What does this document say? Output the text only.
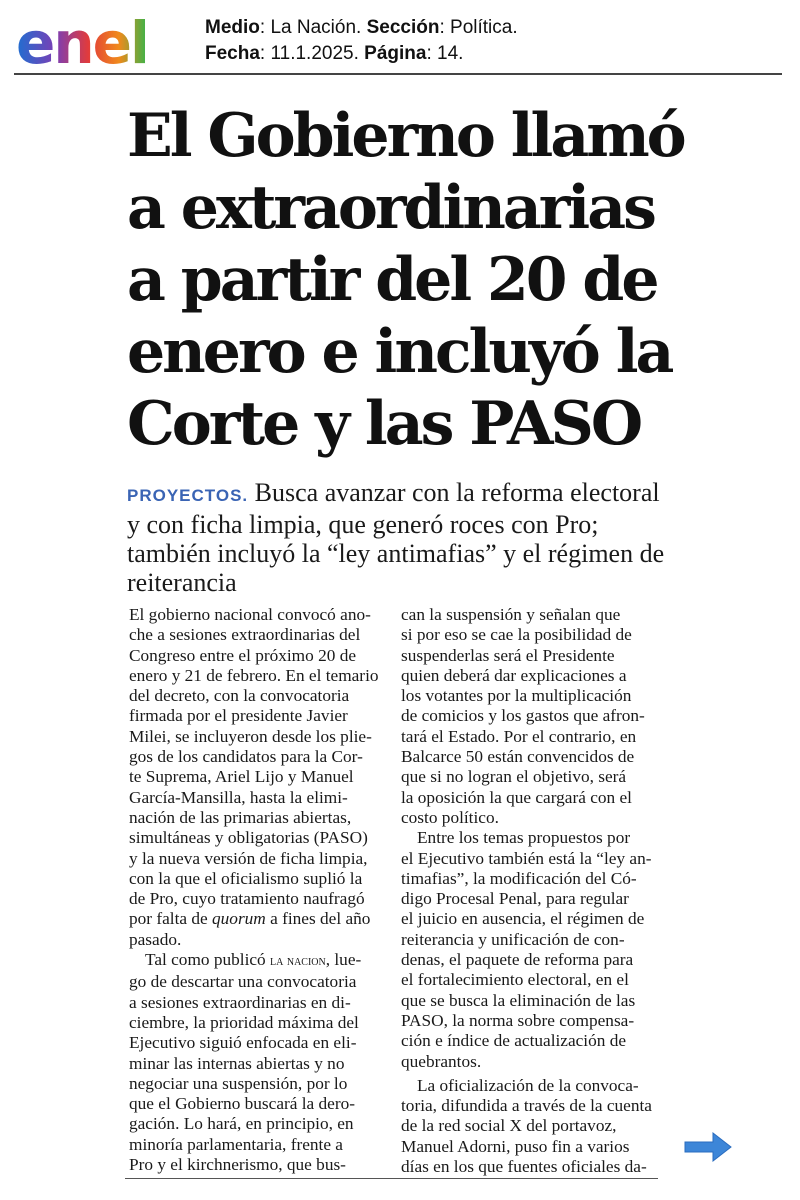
enel	Medio: La Nación. Sección: Política.
Fecha: 11.1.2025. Página: 14.
El Gobierno llamó
a extraordinarias
a partir del 20 de
enero e incluyó la
Corte y las PASO

PROYECTOS. Busca avanzar con la reforma electoral y con ficha limpia, que generó roces con Pro; también incluyó la “ley antimafias” y el régimen de reiterancia

El gobierno nacional convocó ano-
che a sesiones extraordinarias del
Congreso entre el próximo 20 de
enero y 21 de febrero. En el temario
del decreto, con la convocatoria
firmada por el presidente Javier
Milei, se incluyeron desde los plie-
gos de los candidatos para la Cor-
te Suprema, Ariel Lijo y Manuel
García-Mansilla, hasta la elimi-
nación de las primarias abiertas,
simultáneas y obligatorias (PASO)
y la nueva versión de ficha limpia,
con la que el oficialismo suplió la
de Pro, cuyo tratamiento naufragó
por falta de quorum a fines del año
pasado.

Tal como publicó la nacion, lue-
go de descartar una convocatoria
a sesiones extraordinarias en di-
ciembre, la prioridad máxima del
Ejecutivo siguió enfocada en eli-
minar las internas abiertas y no
negociar una suspensión, por lo
que el Gobierno buscará la dero-
gación. Lo hará, en principio, en
minoría parlamentaria, frente a
Pro y el kirchnerismo, que bus-

can la suspensión y señalan que
si por eso se cae la posibilidad de
suspenderlas será el Presidente
quien deberá dar explicaciones a
los votantes por la multiplicación
de comicios y los gastos que afron-
tará el Estado. Por el contrario, en
Balcarce 50 están convencidos de
que si no logran el objetivo, será
la oposición la que cargará con el
costo político.

Entre los temas propuestos por
el Ejecutivo también está la “ley an-
timafias”, la modificación del Có-
digo Procesal Penal, para regular
el juicio en ausencia, el régimen de
reiterancia y unificación de con-
denas, el paquete de reforma para
el fortalecimiento electoral, en el
que se busca la eliminación de las
PASO, la norma sobre compensa-
ción e índice de actualización de
quebrantos.

La oficialización de la convoca-
toria, difundida a través de la cuenta
de la red social X del portavoz,
Manuel Adorni, puso fin a varios
días en los que fuentes oficiales da-
